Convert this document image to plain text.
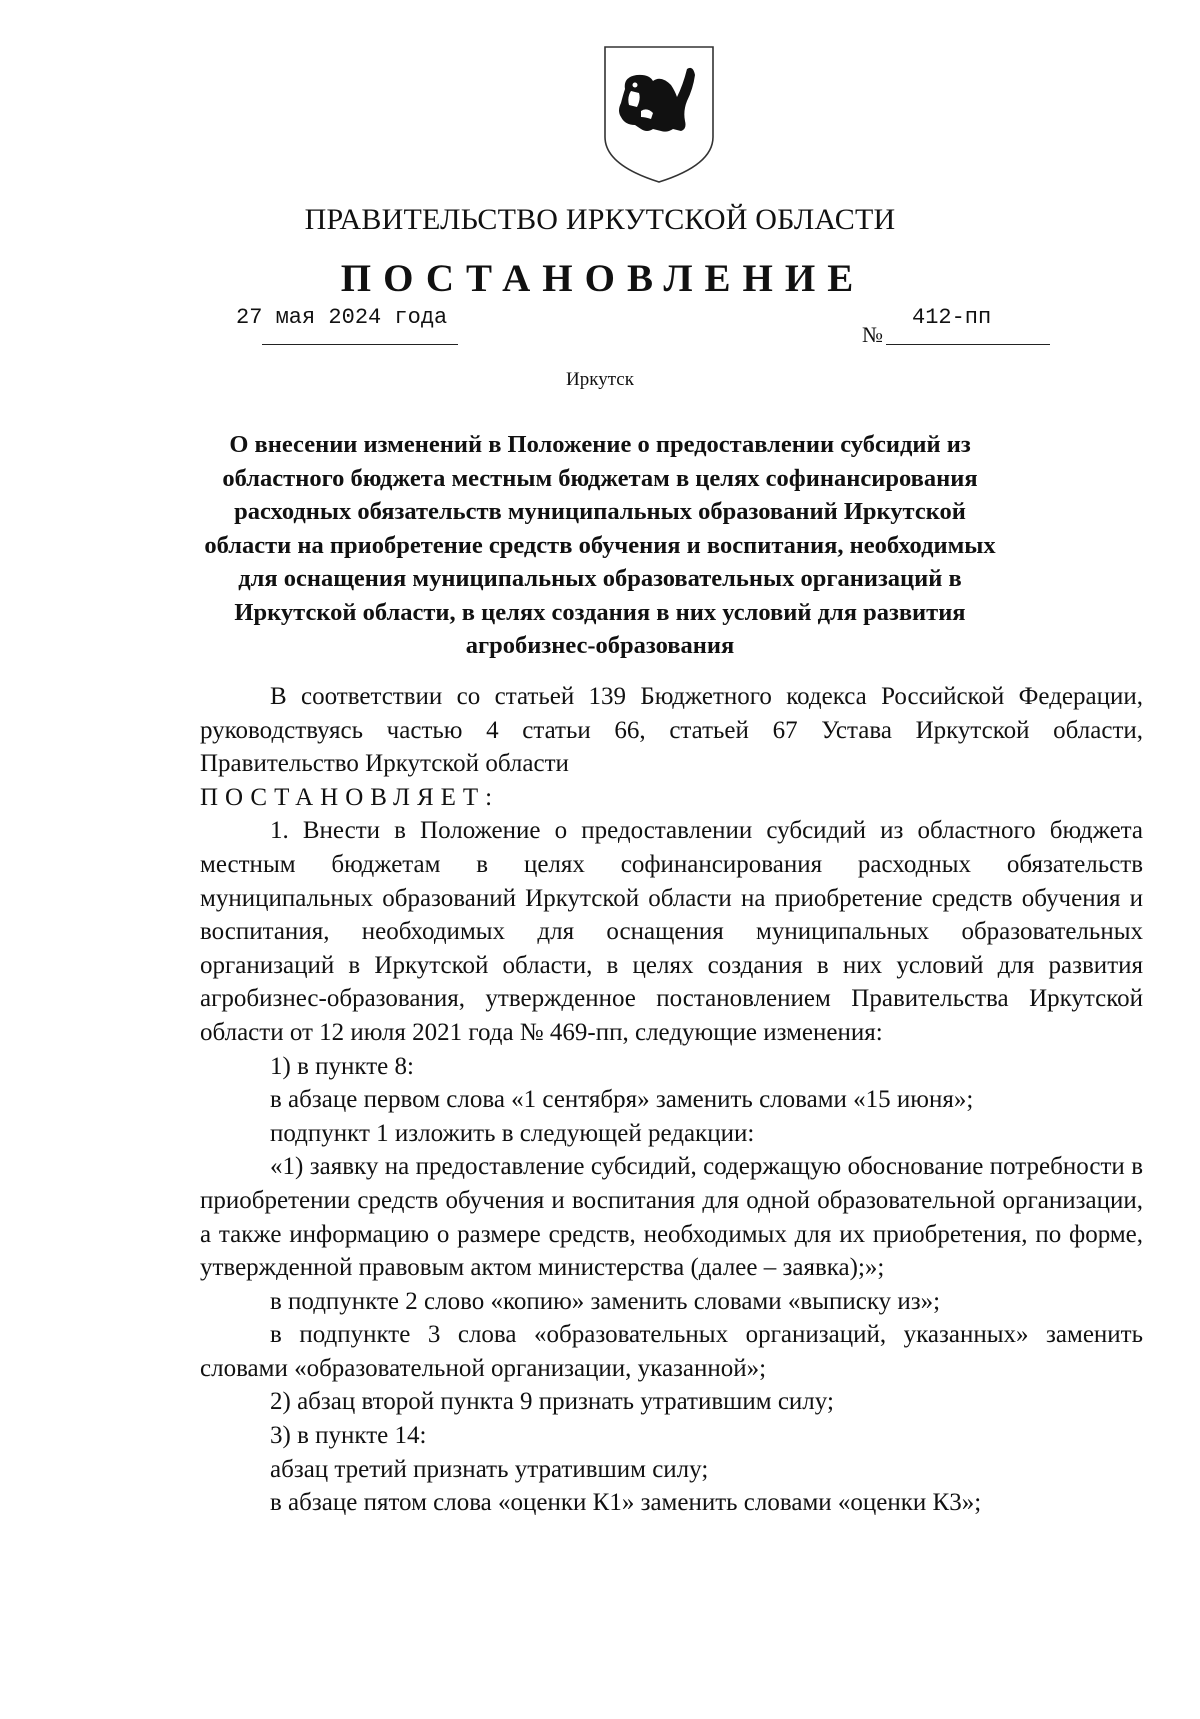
ПРАВИТЕЛЬСТВО ИРКУТСКОЙ ОБЛАСТИ
ПОСТАНОВЛЕНИЕ
27 мая 2024 года
№
412-пп
Иркутск
О внесении изменений в Положение о предоставлении субсидий из
областного бюджета местным бюджетам в целях софинансирования
расходных обязательств муниципальных образований Иркутской
области на приобретение средств обучения и воспитания, необходимых
для оснащения муниципальных образовательных организаций в
Иркутской области, в целях создания в них условий для развития
агробизнес-образования
В соответствии со статьей 139 Бюджетного кодекса Российской Федерации, руководствуясь частью 4 статьи 66, статьей 67 Устава Иркутской области, Правительство Иркутской области
ПОСТАНОВЛЯЕТ:
1. Внести в Положение о предоставлении субсидий из областного бюджета местным бюджетам в целях софинансирования расходных обязательств муниципальных образований Иркутской области на приобретение средств обучения и воспитания, необходимых для оснащения муниципальных образовательных организаций в Иркутской области, в целях создания в них условий для развития агробизнес-образования, утвержденное постановлением Правительства Иркутской области от 12 июля 2021 года № 469-пп, следующие изменения:
1) в пункте 8:
в абзаце первом слова «1 сентября» заменить словами «15 июня»;
подпункт 1 изложить в следующей редакции:
«1) заявку на предоставление субсидий, содержащую обоснование потребности в приобретении средств обучения и воспитания для одной образовательной организации, а также информацию о размере средств, необходимых для их приобретения, по форме, утвержденной правовым актом министерства (далее – заявка);»;
в подпункте 2 слово «копию» заменить словами «выписку из»;
в подпункте 3 слова «образовательных организаций, указанных» заменить словами «образовательной организации, указанной»;
2) абзац второй пункта 9 признать утратившим силу;
3) в пункте 14:
абзац третий признать утратившим силу;
в абзаце пятом слова «оценки К1» заменить словами «оценки К3»;
